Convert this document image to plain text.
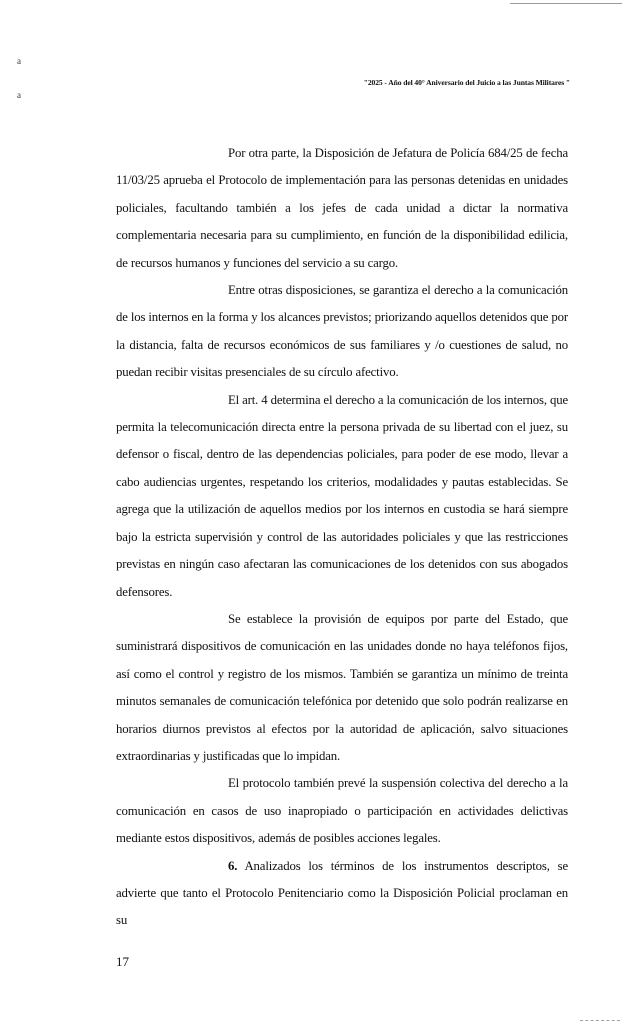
a
a
"2025 - Año del 40° Aniversario del Juicio a las Juntas Militares "

Por otra parte, la Disposición de Jefatura de Policía 684/25 de fecha 11/03/25 aprueba el Protocolo de implementación para las personas detenidas en unidades policiales, facultando también a los jefes de cada unidad a dictar la normativa complementaria necesaria para su cumplimiento, en función de la disponibilidad edilicia, de recursos humanos y funciones del servicio a su cargo.

Entre otras disposiciones, se garantiza el derecho a la comunicación de los internos en la forma y los alcances previstos; priorizando aquellos detenidos que por la distancia, falta de recursos económicos de sus familiares y /o cuestiones de salud, no puedan recibir visitas presenciales de su círculo afectivo.

El art. 4 determina el derecho a la comunicación de los internos, que permita la telecomunicación directa entre la persona privada de su libertad con el juez, su defensor o fiscal, dentro de las dependencias policiales, para poder de ese modo, llevar a cabo audiencias urgentes, respetando los criterios, modalidades y pautas establecidas. Se agrega que la utilización de aquellos medios por los internos en custodia se hará siempre bajo la estricta supervisión y control de las autoridades policiales y que las restricciones previstas en ningún caso afectaran las comunicaciones de los detenidos con sus abogados defensores.

Se establece la provisión de equipos por parte del Estado, que suministrará dispositivos de comunicación en las unidades donde no haya teléfonos fijos, así como el control y registro de los mismos. También se garantiza un mínimo de treinta minutos semanales de comunicación telefónica por detenido que solo podrán realizarse en horarios diurnos previstos al efectos por la autoridad de aplicación, salvo situaciones extraordinarias y justificadas que lo impidan.

El protocolo también prevé la suspensión colectiva del derecho a la comunicación en casos de uso inapropiado o participación en actividades delictivas mediante estos dispositivos, además de posibles acciones legales.

6. Analizados los términos de los instrumentos descriptos, se advierte que tanto el Protocolo Penitenciario como la Disposición Policial proclaman en su

17
